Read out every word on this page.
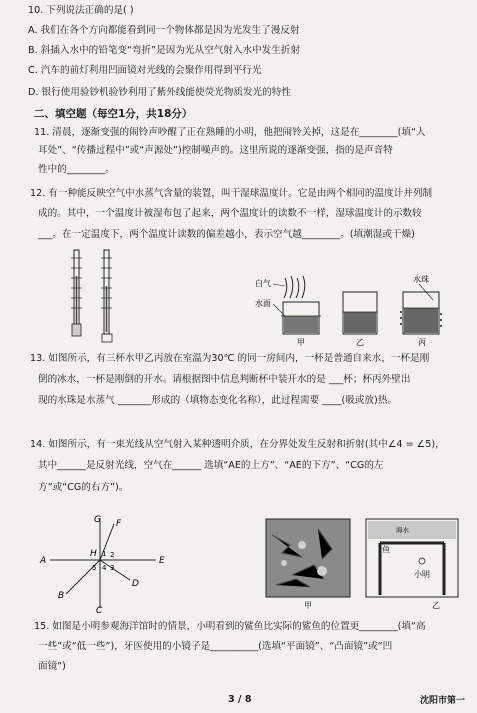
10. 下列说法正确的是( )
A. 我们在各个方向都能看到同一个物体都是因为光发生了漫反射
B. 斜插入水中的铅笔变“弯折”是因为光从空气射入水中发生折射
C. 汽车的前灯利用凹面镜对光线的会聚作用得到平行光
D. 银行使用验钞机验钞利用了紫外线能使荧光物质发光的特性
二、填空题（每空1分，共18分）
11. 清晨，逐渐变强的闹铃声吵醒了正在熟睡的小明，他把闹铃关掉，这是在________(填“人
耳处”、“传播过程中”或“声源处”)控制噪声的。这里所说的逐渐变强，指的是声音特
性中的________。
12. 有一种能反映空气中水蒸气含量的装置，叫干湿球温度计。它是由两个相同的温度计并列制
成的。其中，一个温度计被湿布包了起来，两个温度计的读数不一样，湿球温度计的示数较
___。在一定温度下，两个温度计读数的偏差越小，表示空气越________。(填潮湿或干燥)
白气
水面
甲	乙
水珠
丙
13. 如图所示，有三杯水甲乙丙放在室温为30℃ 的同一房间内，一杯是普通自来水，一杯是刚
倒的冰水，一杯是刚倒的开水。请根据图中信息判断杯中装开水的是 ___杯；杯丙外壁出
现的水珠是水蒸气 _______形成的（填物态变化名称），此过程需要 ____(吸或放)热。
14. 如图所示，有一束光线从空气射入某种透明介质，在分界处发生反射和折射(其中∠4 = ∠5)，
其中______是反射光线，空气在______ 选填“AE的上方”、“AE的下方”、“CG的左
方”或“CG的右方”)。
G F
H
A	E
B
D
C
1 2
3
4
5
甲
海水
鱼
小明
乙
15. 如图是小明参观海洋馆时的情景，小明看到的鲨鱼比实际的鲨鱼的位置更________(填“高
一些”或“低一些”)，牙医使用的小镜子是__________(选填“平面镜”、“凸面镜”或“凹
面镜”)
3 / 8	沈阳市第一
